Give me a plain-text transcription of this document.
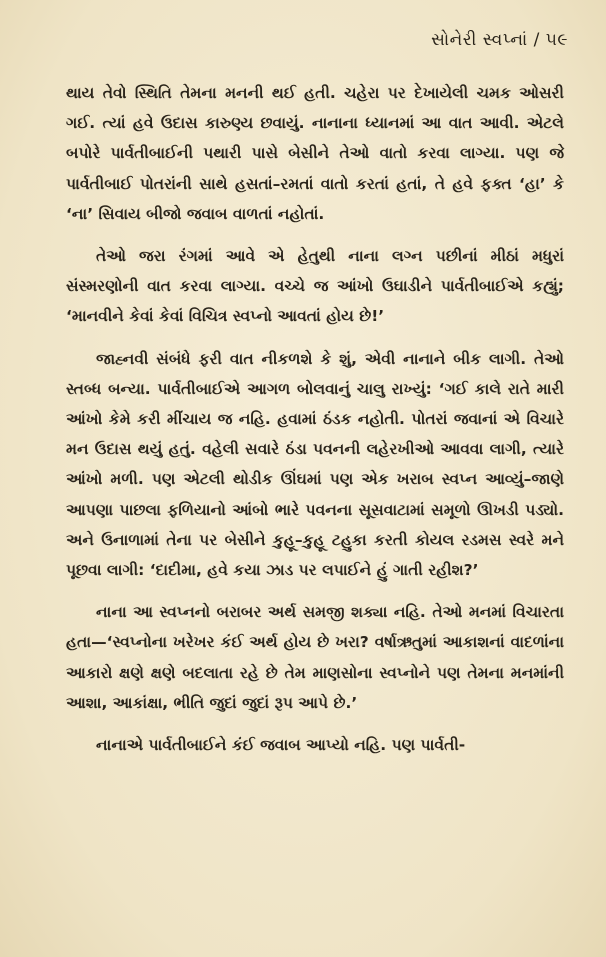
સોનેરી સ્વપ્નાં / ૫૯

થાય તેવો સ્થિતિ તેમના મનની થઈ હતી. ચહેરા પર દેખાયેલી ચમક ઓસરી ગઈ. ત્યાં હવે ઉદાસ કારુણ્ય છવાયું. નાનાના ધ્યાનમાં આ વાત આવી. એટલે બપોરે પાર્વતીબાઈની પથારી પાસે બેસીને તેઓ વાતો કરવા લાગ્યા. પણ જે પાર્વતીબાઈ પોતરાંની સાથે હસતાં–રમતાં વાતો કરતાં હતાં, તે હવે ફક્ત ‘હા’ કે ‘ના’ સિવાય બીજો જવાબ વાળતાં નહોતાં.

તેઓ જરા રંગમાં આવે એ હેતુથી નાના લગ્ન પછીનાં મીઠાં મધુરાં સંસ્મરણોની વાત કરવા લાગ્યા. વચ્ચે જ આંખો ઉઘાડીને પાર્વતીબાઈએ કહ્યું; ‘માનવીને કેવાં કેવાં વિચિત્ર સ્વપ્નો આવતાં હોય છે!’

જાહ્નવી સંબંધે ફરી વાત નીકળશે કે શું, એવી નાનાને બીક લાગી. તેઓ સ્તબ્ધ બન્યા. પાર્વતીબાઈએ આગળ બોલવાનું ચાલુ રાખ્યું: ‘ગઈ કાલે રાતે મારી આંખો કેમે કરી મીંચાય જ નહિ. હવામાં ઠંડક નહોતી. પોતરાં જવાનાં એ વિચારે મન ઉદાસ થયું હતું. વહેલી સવારે ઠંડા પવનની લહેરખીઓ આવવા લાગી, ત્યારે આંખો મળી. પણ એટલી થોડીક ઊંઘમાં પણ એક ખરાબ સ્વપ્ન આવ્યું–જાણે આપણા પાછલા ફળિયાનો આંબો ભારે પવનના સૂસવાટામાં સમૂળો ઊખડી પડ્યો. અને ઉનાળામાં તેના પર બેસીને કુહૂ–કુહૂ ટહુકા કરતી કોયલ રડમસ સ્વરે મને પૂછવા લાગી: ‘દાદીમા, હવે કયા ઝાડ પર લપાઈને હું ગાતી રહીશ?’

નાના આ સ્વપ્નનો બરાબર અર્થ સમજી શક્યા નહિ. તેઓ મનમાં વિચારતા હતા—‘સ્વપ્નોના ખરેખર કંઈ અર્થ હોય છે ખરા? વર્ષાઋતુમાં આકાશનાં વાદળાંના આકારો ક્ષણે ક્ષણે બદલાતા રહે છે તેમ માણસોના સ્વપ્નોને પણ તેમના મનમાંની આશા, આકાંક્ષા, ભીતિ જુદાં જુદાં રૂપ આપે છે.’

નાનાએ પાર્વતીબાઈને કંઈ જવાબ આપ્યો નહિ. પણ પાર્વતી-
